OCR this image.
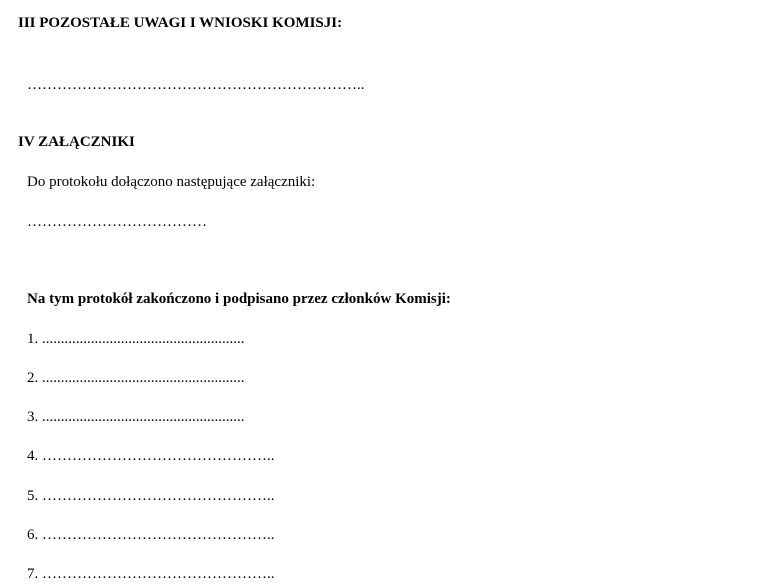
III POZOSTAŁE UWAGI I WNIOSKI KOMISJI:
…………………………………………………………..
IV ZAŁĄCZNIKI
Do protokołu dołączono następujące załączniki:
………………………………
Na tym protokół zakończono i podpisano przez członków Komisji:
1. ......................................................
2. ......................................................
3. ......................................................
4. ………………………………………..
5. ………………………………………..
6. ………………………………………..
7. ………………………………………..
